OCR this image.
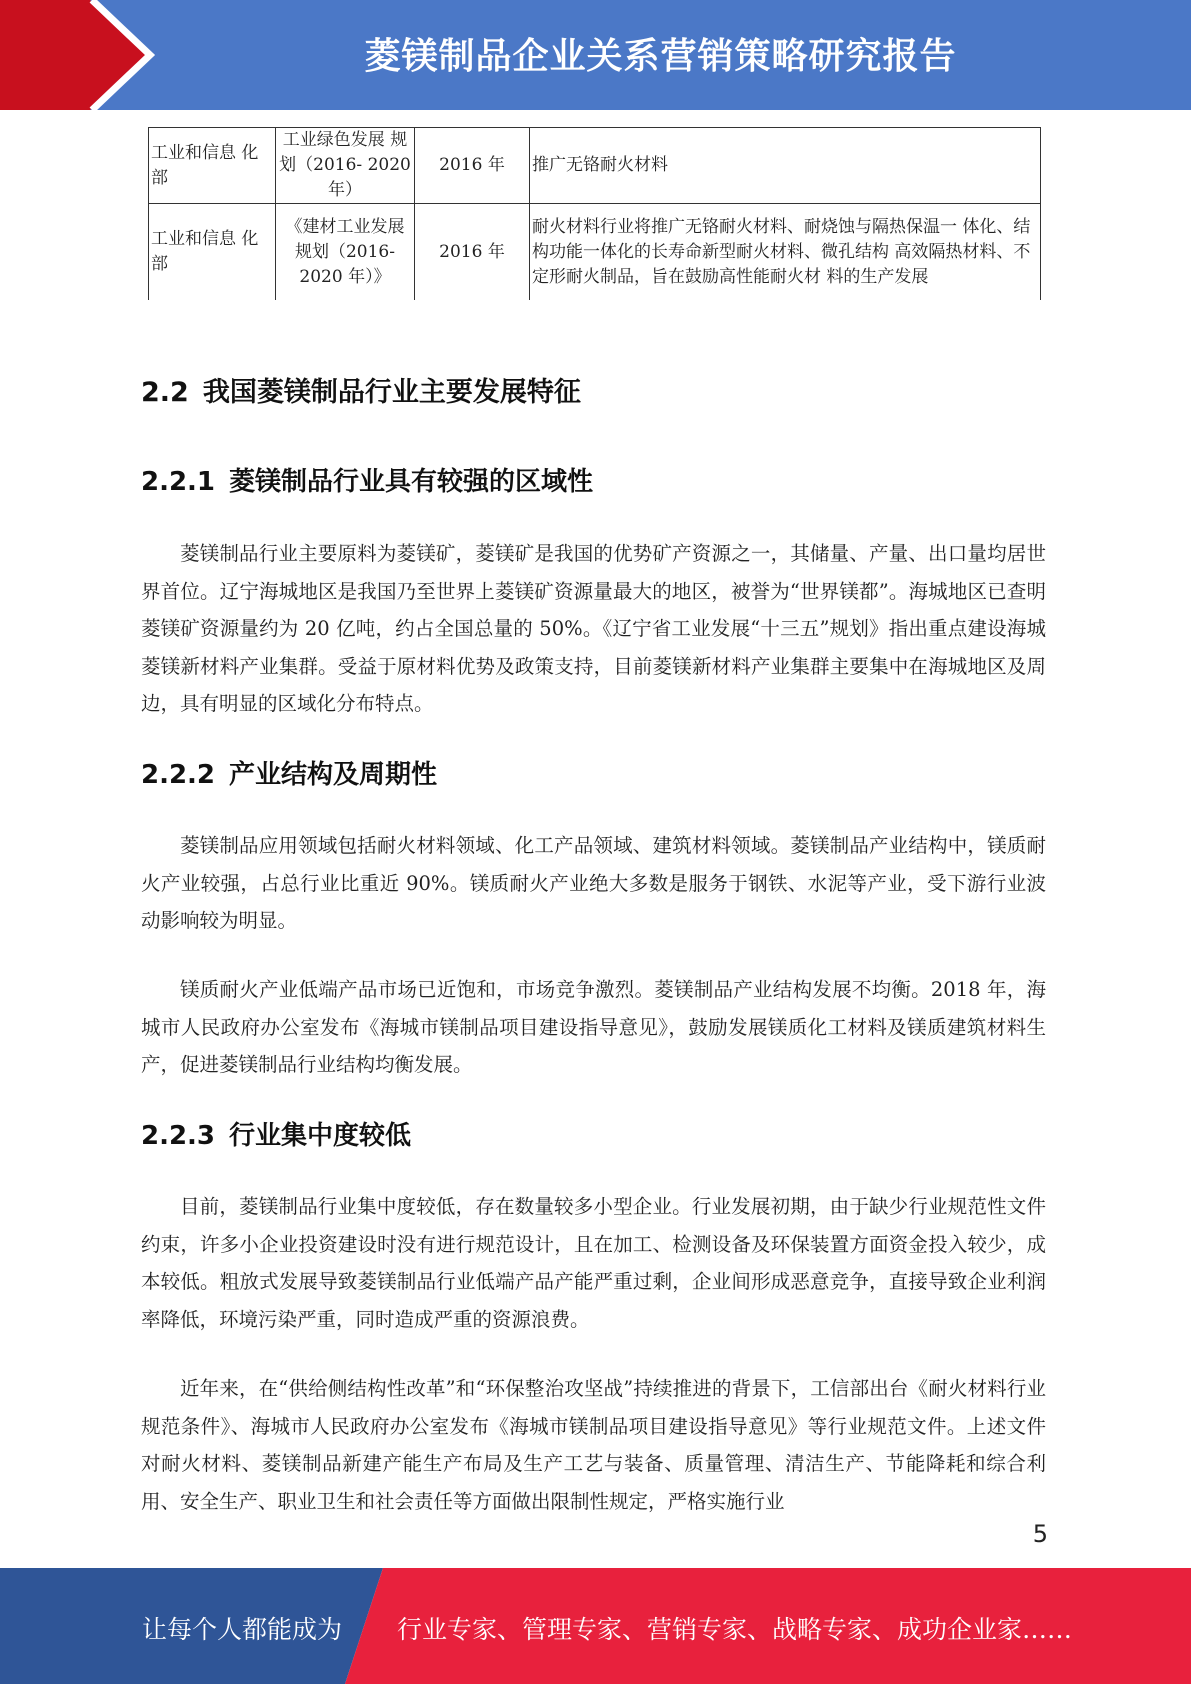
菱镁制品企业关系营销策略研究报告
工业和信息 化部	工业绿色发展 规划（2016- 2020 年）	2016 年	推广无铬耐火材料
工业和信息 化部	《建材工业发展规划（2016- 2020 年）》	2016 年	耐火材料行业将推广无铬耐火材料、耐烧蚀与隔热保温一 体化、结构功能一体化的长寿命新型耐火材料、微孔结构 高效隔热材料、不定形耐火制品，旨在鼓励高性能耐火材 料的生产发展
2.2 我国菱镁制品行业主要发展特征
2.2.1 菱镁制品行业具有较强的区域性

菱镁制品行业主要原料为菱镁矿，菱镁矿是我国的优势矿产资源之一，其储量、产量、出口量均居世界首位。辽宁海城地区是我国乃至世界上菱镁矿资源量最大的地区，被誉为“世界镁都”。海城地区已查明菱镁矿资源量约为 20 亿吨，约占全国总量的 50%。《辽宁省工业发展“十三五”规划》指出重点建设海城菱镁新材料产业集群。受益于原材料优势及政策支持，目前菱镁新材料产业集群主要集中在海城地区及周边，具有明显的区域化分布特点。

2.2.2 产业结构及周期性

菱镁制品应用领域包括耐火材料领域、化工产品领域、建筑材料领域。菱镁制品产业结构中，镁质耐火产业较强，占总行业比重近 90%。镁质耐火产业绝大多数是服务于钢铁、水泥等产业，受下游行业波动影响较为明显。

镁质耐火产业低端产品市场已近饱和，市场竞争激烈。菱镁制品产业结构发展不均衡。2018 年，海城市人民政府办公室发布《海城市镁制品项目建设指导意见》，鼓励发展镁质化工材料及镁质建筑材料生产，促进菱镁制品行业结构均衡发展。

2.2.3 行业集中度较低

目前，菱镁制品行业集中度较低，存在数量较多小型企业。行业发展初期，由于缺少行业规范性文件约束，许多小企业投资建设时没有进行规范设计，且在加工、检测设备及环保装置方面资金投入较少，成本较低。粗放式发展导致菱镁制品行业低端产品产能严重过剩，企业间形成恶意竞争，直接导致企业利润率降低，环境污染严重，同时造成严重的资源浪费。

近年来，在“供给侧结构性改革”和“环保整治攻坚战”持续推进的背景下，工信部出台《耐火材料行业规范条件》、海城市人民政府办公室发布《海城市镁制品项目建设指导意见》等行业规范文件。上述文件对耐火材料、菱镁制品新建产能生产布局及生产工艺与装备、质量管理、清洁生产、节能降耗和综合利用、安全生产、职业卫生和社会责任等方面做出限制性规定，严格实施行业

5
让每个人都能成为 行业专家、管理专家、营销专家、战略专家、成功企业家……
